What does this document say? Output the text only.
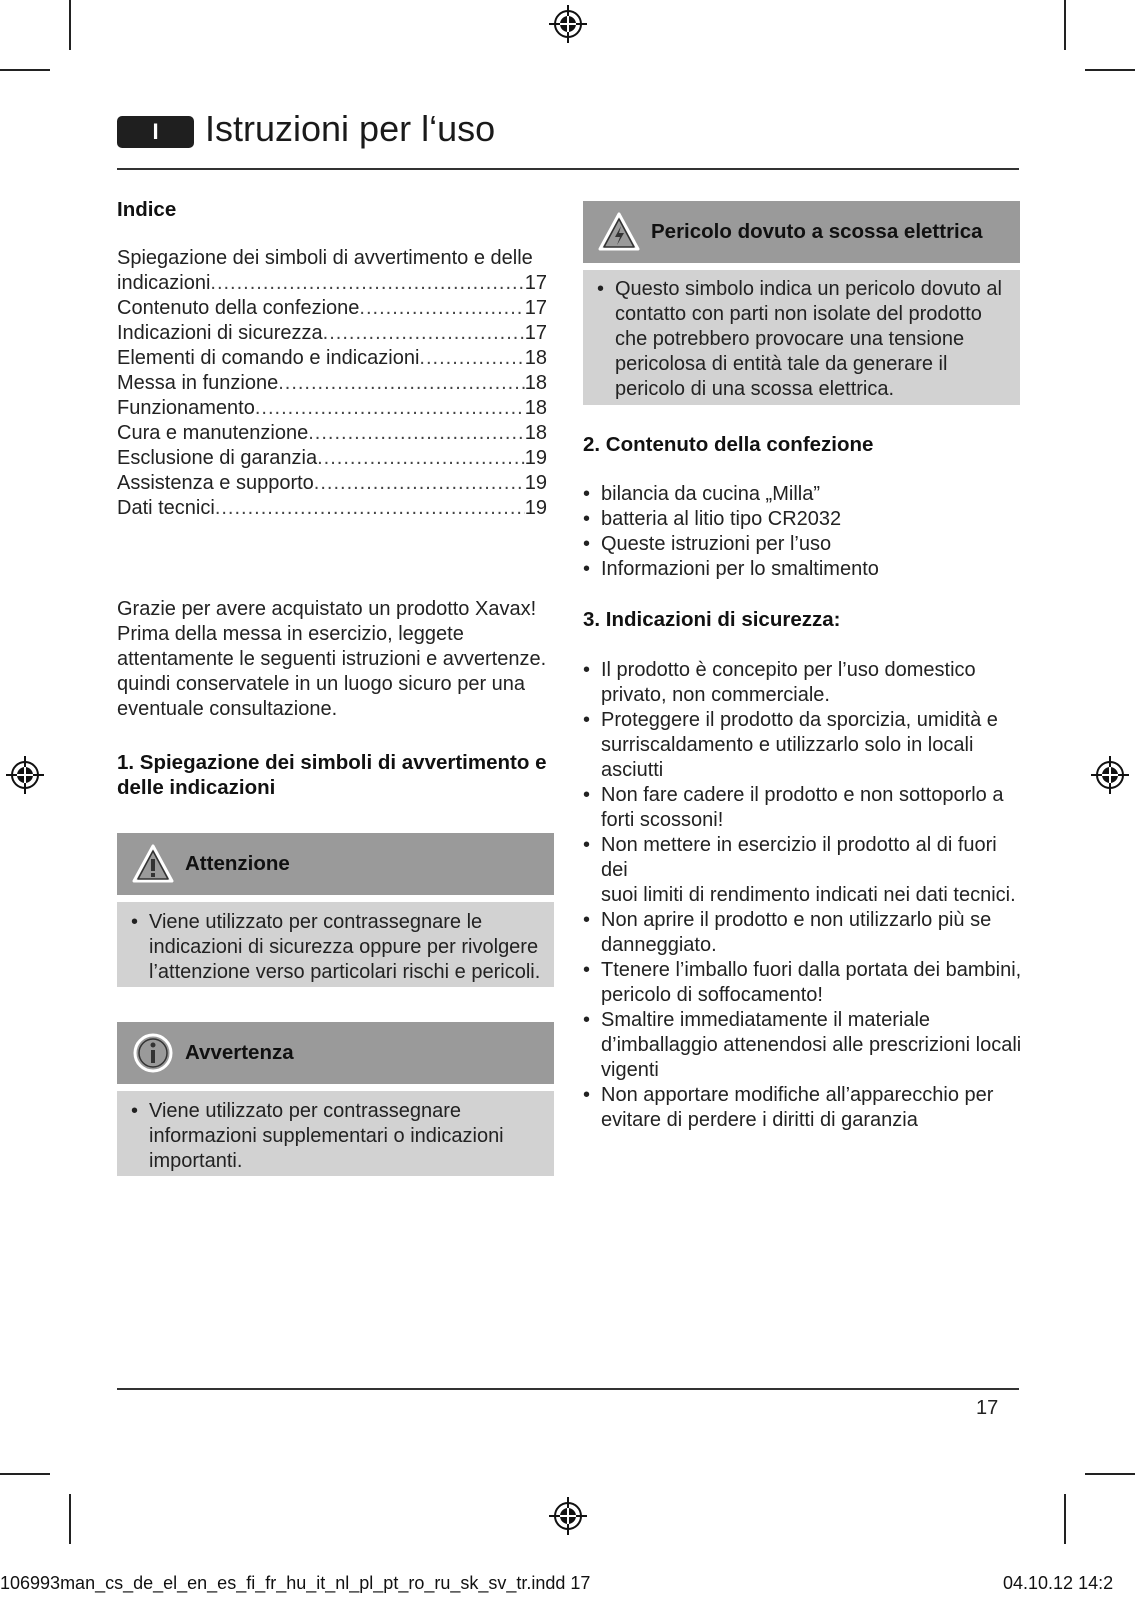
I	Istruzioni per l‘uso
Indice
Spiegazione dei simboli di avvertimento e delle
indicazioni .....	17
Contenuto della confezione .....	17
Indicazioni di sicurezza .....	17
Elementi di comando e indicazioni .....	18
Messa in funzione .....	18
Funzionamento .....	18
Cura e manutenzione .....	18
Esclusione di garanzia .....	19
Assistenza e supporto .....	19
Dati tecnici .....	19
Grazie per avere acquistato un prodotto Xavax!
Prima della messa in esercizio, leggete
attentamente le seguenti istruzioni e avvertenze.
quindi conservatele in un luogo sicuro per una
eventuale consultazione.
1. Spiegazione dei simboli di avvertimento e
delle indicazioni
Attenzione
• Viene utilizzato per contrassegnare le
indicazioni di sicurezza oppure per rivolgere
l’attenzione verso particolari rischi e pericoli.
Avvertenza
• Viene utilizzato per contrassegnare
informazioni supplementari o indicazioni
importanti.
Pericolo dovuto a scossa elettrica
• Questo simbolo indica un pericolo dovuto al
contatto con parti non isolate del prodotto
che potrebbero provocare una tensione
pericolosa di entità tale da generare il
pericolo di una scossa elettrica.
2. Contenuto della confezione
• bilancia da cucina „Milla”
• batteria al litio tipo CR2032
• Queste istruzioni per l’uso
• Informazioni per lo smaltimento
3. Indicazioni di sicurezza:
• Il prodotto è concepito per l’uso domestico
privato, non commerciale.
• Proteggere il prodotto da sporcizia, umidità e
surriscaldamento e utilizzarlo solo in locali asciutti
• Non fare cadere il prodotto e non sottoporlo a
forti scossoni!
• Non mettere in esercizio il prodotto al di fuori dei
suoi limiti di rendimento indicati nei dati tecnici.
• Non aprire il prodotto e non utilizzarlo più se
danneggiato.
• Ttenere l’imballo fuori dalla portata dei bambini,
pericolo di soffocamento!
• Smaltire immediatamente il materiale
d’imballaggio attenendosi alle prescrizioni locali
vigenti
• Non apportare modifiche all’apparecchio per
evitare di perdere i diritti di garanzia
17
106993man_cs_de_el_en_es_fi_fr_hu_it_nl_pl_pt_ro_ru_sk_sv_tr.indd 17	04.10.12 14:2
